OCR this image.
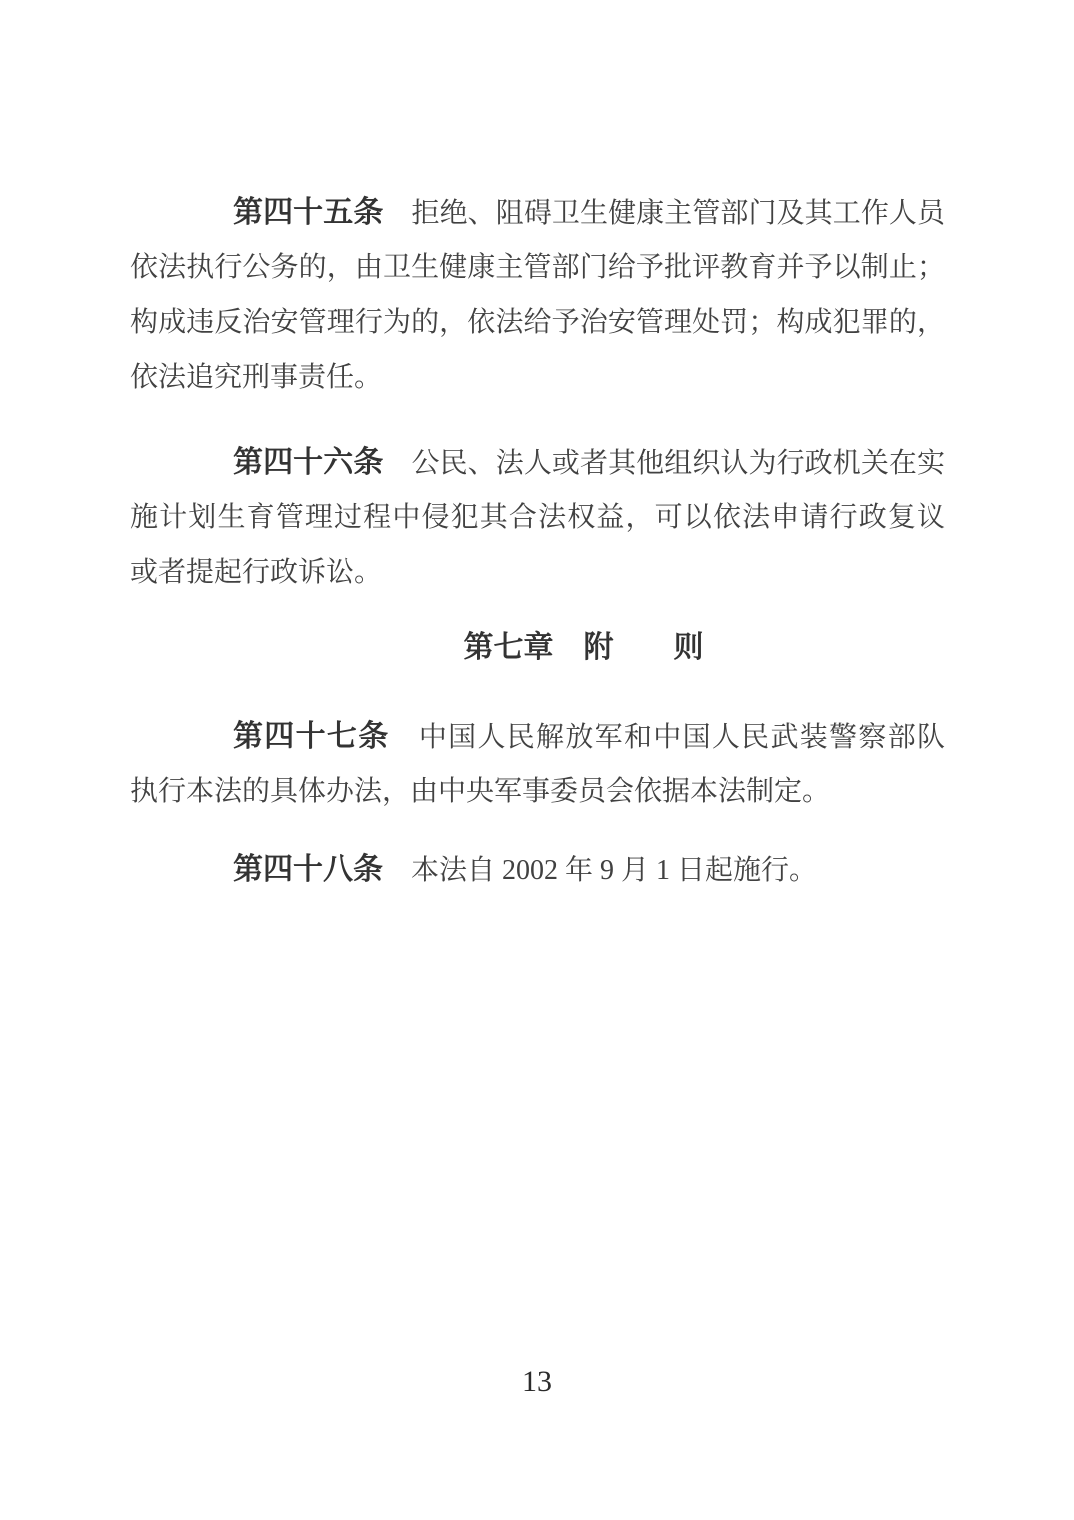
第四十五条　拒绝、阻碍卫生健康主管部门及其工作人员
依法执行公务的，由卫生健康主管部门给予批评教育并予以制止；
构成违反治安管理行为的，依法给予治安管理处罚；构成犯罪的，
依法追究刑事责任。
第四十六条　公民、法人或者其他组织认为行政机关在实
施计划生育管理过程中侵犯其合法权益，可以依法申请行政复议
或者提起行政诉讼。
第七章　附　　则
第四十七条　中国人民解放军和中国人民武装警察部队
执行本法的具体办法，由中央军事委员会依据本法制定。
第四十八条　本法自 2002 年 9 月 1 日起施行。
13
